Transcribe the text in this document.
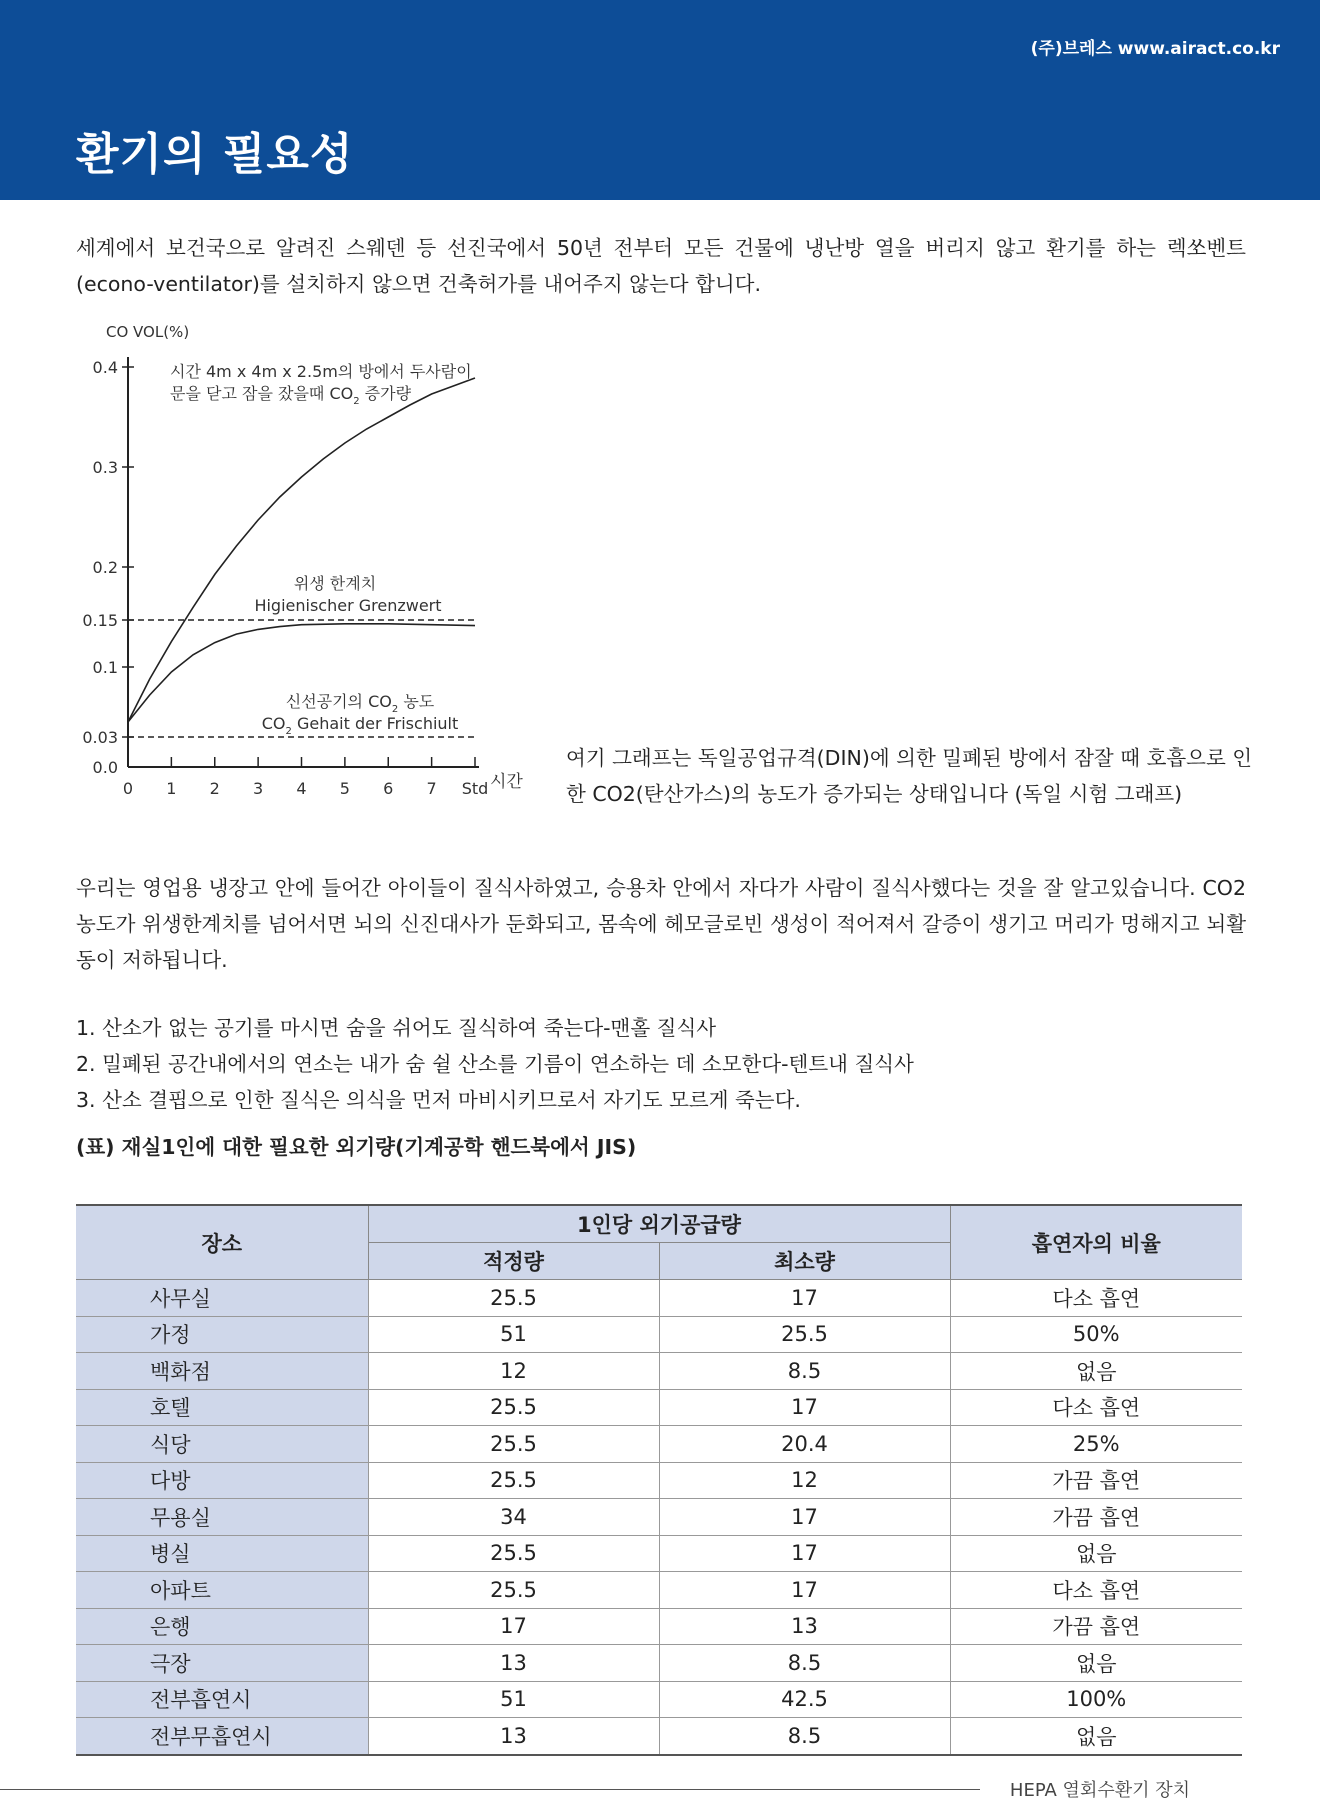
(주)브레스 www.airact.co.kr
환기의 필요성

세계에서 보건국으로 알려진 스웨덴 등 선진국에서 50년 전부터 모든 건물에 냉난방 열을 버리지 않고 환기를 하는 렉쏘벤트(econo-ventilator)를 설치하지 않으면 건축허가를 내어주지 않는다 합니다.

CO VOL(%)
0.0
0.03
0.1
0.15
0.2
0.3
0.4
0 1 2 3 4 5 6 7 Std
시간 4m x 4m x 2.5m의 방에서 두사람이
문을 닫고 잠을 잤을때 $CO_2$ 증가량
위생 한계치
Higienischer Grenzwert
신선공기의 $CO_2$ 농도
$CO_2$ Gehait der Frischiult
시간

여기 그래프는 독일공업규격(DIN)에 의한 밀폐된 방에서 잠잘 때 호흡으로 인한 CO2(탄산가스)의 농도가 증가되는 상태입니다 (독일 시험 그래프)

우리는 영업용 냉장고 안에 들어간 아이들이 질식사하였고, 승용차 안에서 자다가 사람이 질식사했다는 것을 잘 알고있습니다. CO2농도가 위생한계치를 넘어서면 뇌의 신진대사가 둔화되고, 몸속에 헤모글로빈 생성이 적어져서 갈증이 생기고 머리가 멍해지고 뇌활동이 저하됩니다.

1. 산소가 없는 공기를 마시면 숨을 쉬어도 질식하여 죽는다-맨홀 질식사
2. 밀폐된 공간내에서의 연소는 내가 숨 쉴 산소를 기름이 연소하는 데 소모한다-텐트내 질식사
3. 산소 결핍으로 인한 질식은 의식을 먼저 마비시키므로서 자기도 모르게 죽는다.

(표) 재실1인에 대한 필요한 외기량(기계공학 핸드북에서 JIS)

장소	1인당 외기공급량		흡연자의 비율
	적정량	최소량	
사무실	25.5	17	다소 흡연
가정	51	25.5	50%
백화점	12	8.5	없음
호텔	25.5	17	다소 흡연
식당	25.5	20.4	25%
다방	25.5	12	가끔 흡연
무용실	34	17	가끔 흡연
병실	25.5	17	없음
아파트	25.5	17	다소 흡연
은행	17	13	가끔 흡연
극장	13	8.5	없음
전부흡연시	51	42.5	100%
전부무흡연시	13	8.5	없음
HEPA 열회수환기 장치
